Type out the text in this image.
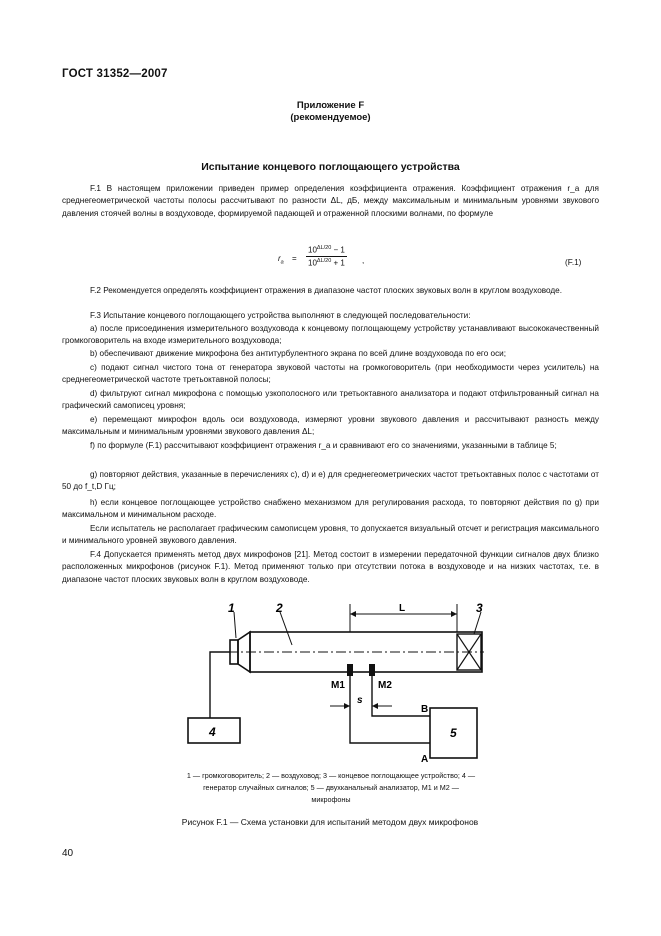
ГОСТ 31352—2007
Приложение F
(рекомендуемое)
Испытание концевого поглощающего устройства
F.1 В настоящем приложении приведен пример определения коэффициента отражения. Коэффициент отражения r_a для среднегеометрической частоты полосы рассчитывают по разности ΔL, дБ, между максимальным и минимальным уровнями звукового давления стоячей волны в воздуховоде, формируемой падающей и отраженной плоскими волнами, по формуле
$r_a = \frac{10^{\Delta L/20} - 1}{10^{\Delta L/20} + 1}$ ,	(F.1)
F.2 Рекомендуется определять коэффициент отражения в диапазоне частот плоских звуковых волн в круглом воздуховоде.
F.3 Испытание концевого поглощающего устройства выполняют в следующей последовательности:
a) после присоединения измерительного воздуховода к концевому поглощающему устройству устанавливают высококачественный громкоговоритель на входе измерительного воздуховода;
b) обеспечивают движение микрофона без антитурбулентного экрана по всей длине воздуховода по его оси;
c) подают сигнал чистого тона от генератора звуковой частоты на громкоговоритель (при необходимости через усилитель) на среднегеометрической частоте третьоктавной полосы;
d) фильтруют сигнал микрофона с помощью узкополосного или третьоктавного анализатора и подают отфильтрованный сигнал на графический самописец уровня;
e) перемещают микрофон вдоль оси воздуховода, измеряют уровни звукового давления и рассчитывают разность между максимальным и минимальным уровнями звукового давления ΔL;
f) по формуле (F.1) рассчитывают коэффициент отражения r_a и сравнивают его со значениями, указанными в таблице 5;
g) повторяют действия, указанные в перечислениях c), d) и e) для среднегеометрических частот третьоктавных полос с частотами от 50 до f_t,D Гц;
h) если концевое поглощающее устройство снабжено механизмом для регулирования расхода, то повторяют действия по g) при максимальном и минимальном расходе.
Если испытатель не располагает графическим самописцем уровня, то допускается визуальный отсчет и регистрация максимального и минимального уровней звукового давления.
F.4 Допускается применять метод двух микрофонов [21]. Метод состоит в измерении передаточной функции сигналов двух близко расположенных микрофонов (рисунок F.1). Метод применяют только при отсутствии потока в воздуховоде и на низких частотах, т.е. в диапазоне частот плоских звуковых волн в круглом воздуховоде.
1	2	3
4	5
L
M1	M2
s
B
A
1 — громкоговоритель; 2 — воздуховод; 3 — концевое поглощающее устройство; 4 — генератор случайных сигналов; 5 — двухканальный анализатор, M1 и M2 — микрофоны
Рисунок F.1 — Схема установки для испытаний методом двух микрофонов
40
